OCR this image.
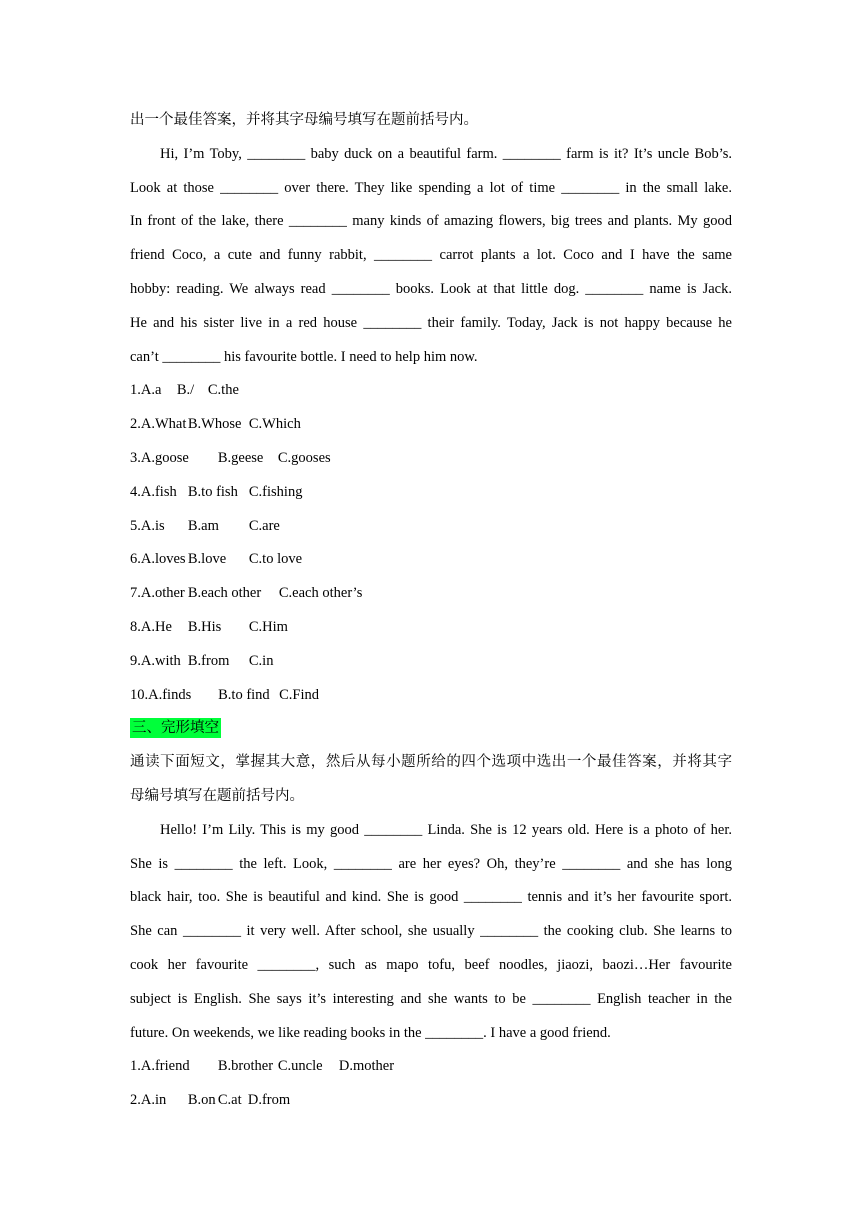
出一个最佳答案，并将其字母编号填写在题前括号内。
Hi, I’m Toby, ________ baby duck on a beautiful farm. ________ farm is it? It’s uncle Bob’s.
Look at those ________ over there. They like spending a lot of time ________ in the small lake.
In front of the lake, there ________ many kinds of amazing flowers, big trees and plants. My good
friend Coco, a cute and funny rabbit, ________ carrot plants a lot. Coco and I have the same
hobby: reading. We always read ________ books. Look at that little dog. ________ name is Jack.
He and his sister live in a red house ________ their family. Today, Jack is not happy because he
can’t ________ his favourite bottle. I need to help him now.
1.A.a B./ C.the
2.A.What B.Whose C.Which
3.A.goose B.geese C.gooses
4.A.fish B.to fish C.fishing
5.A.is B.am C.are
6.A.loves B.love C.to love
7.A.other B.each other C.each other’s
8.A.He B.His C.Him
9.A.with B.from C.in
10.A.finds B.to find C.Find
三、完形填空
通读下面短文，掌握其大意，然后从每小题所给的四个选项中选出一个最佳答案，并将其字
母编号填写在题前括号内。
Hello! I’m Lily. This is my good ________ Linda. She is 12 years old. Here is a photo of her.
She is ________ the left. Look, ________ are her eyes? Oh, they’re ________ and she has long
black hair, too. She is beautiful and kind. She is good ________ tennis and it’s her favourite sport.
She can ________ it very well. After school, she usually ________ the cooking club. She learns to
cook her favourite ________, such as mapo tofu, beef noodles, jiaozi, baozi…Her favourite
subject is English. She says it’s interesting and she wants to be ________ English teacher in the
future. On weekends, we like reading books in the ________. I have a good friend.
1.A.friend B.brother C.uncle D.mother
2.A.in B.on C.at D.from
